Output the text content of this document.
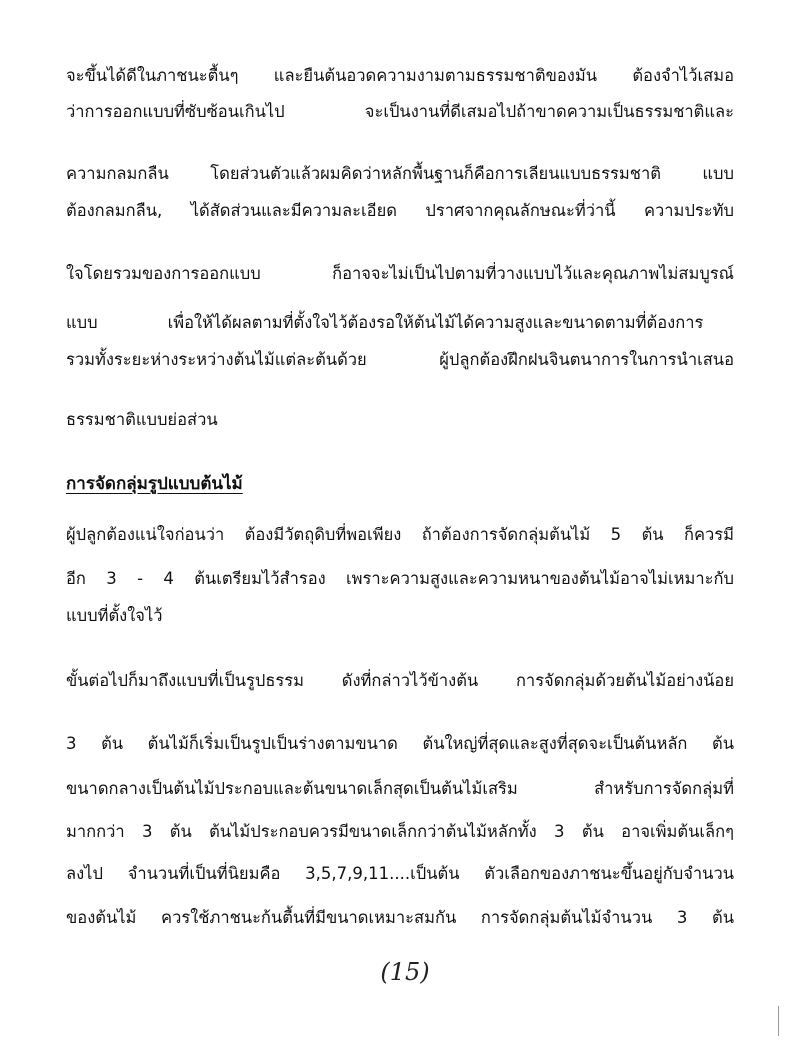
จะขึ้นได้ดีในภาชนะตื้นๆ และยืนต้นอวดความงามตามธรรมชาติของมัน ต้องจำไว้เสมอ
ว่าการออกแบบที่ซับซ้อนเกินไป จะเป็นงานที่ดีเสมอไปถ้าขาดความเป็นธรรมชาติและ
ความกลมกลืน โดยส่วนตัวแล้วผมคิดว่าหลักพื้นฐานก็คือการเลียนแบบธรรมชาติ แบบ
ต้องกลมกลืน, ได้สัดส่วนและมีความละเอียด ปราศจากคุณลักษณะที่ว่านี้ ความประทับ
ใจโดยรวมของการออกแบบ ก็อาจจะไม่เป็นไปตามที่วางแบบไว้และคุณภาพไม่สมบูรณ์
แบบ	เพื่อให้ได้ผลตามที่ตั้งใจไว้ต้องรอให้ต้นไม้ได้ความสูงและขนาดตามที่ต้องการ
รวมทั้งระยะห่างระหว่างต้นไม้แต่ละต้นด้วย ผู้ปลูกต้องฝึกฝนจินตนาการในการนำเสนอ
ธรรมชาติแบบย่อส่วน
การจัดกลุ่มรูปแบบต้นไม้
ผู้ปลูกต้องแน่ใจก่อนว่า ต้องมีวัตถุดิบที่พอเพียง ถ้าต้องการจัดกลุ่มต้นไม้ 5 ต้น ก็ควรมี
อีก 3 - 4 ต้นเตรียมไว้สำรอง เพราะความสูงและความหนาของต้นไม้อาจไม่เหมาะกับ
แบบที่ตั้งใจไว้
ขั้นต่อไปก็มาถึงแบบที่เป็นรูปธรรม ดังที่กล่าวไว้ข้างต้น การจัดกลุ่มด้วยต้นไม้อย่างน้อย
3 ต้น ต้นไม้ก็เริ่มเป็นรูปเป็นร่างตามขนาด ต้นใหญ่ที่สุดและสูงที่สุดจะเป็นต้นหลัก ต้น
ขนาดกลางเป็นต้นไม้ประกอบและต้นขนาดเล็กสุดเป็นต้นไม้เสริม สำหรับการจัดกลุ่มที่
มากกว่า 3 ต้น ต้นไม้ประกอบควรมีขนาดเล็กกว่าต้นไม้หลักทั้ง 3 ต้น อาจเพิ่มต้นเล็กๆ
ลงไป จำนวนที่เป็นที่นิยมคือ 3,5,7,9,11....เป็นต้น ตัวเลือกของภาชนะขึ้นอยู่กับจำนวน
ของต้นไม้ ควรใช้ภาชนะก้นตื้นที่มีขนาดเหมาะสมกัน การจัดกลุ่มต้นไม้จำนวน 3 ต้น
(15)
